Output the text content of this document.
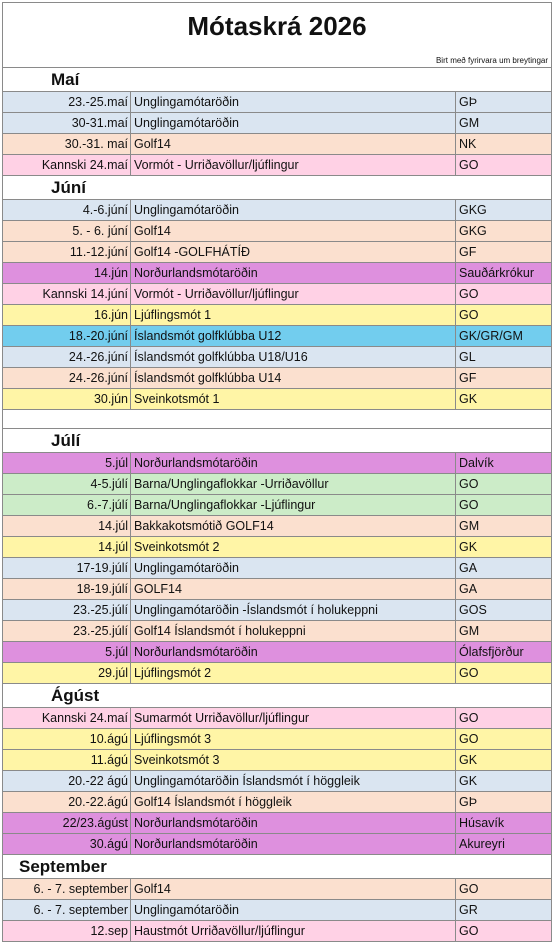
Mótaskrá 2026
Birt með fyrirvara um breytingar
Maí
23.-25.maí Unglingamótaröðin	GÞ
30-31.maí Unglingamótaröðin	GM
30.-31. maí Golf14	NK
Kannski 24.maí Vormót - Urriðavöllur/ljúflingur	GO
Júní
4.-6.júní Unglingamótaröðin	GKG
5. - 6. júní Golf14	GKG
11.-12.júní Golf14 -GOLFHÁTÍÐ	GF
14.jún Norðurlandsmótaröðin	Sauðárkrókur
Kannski 14.júní Vormót - Urriðavöllur/ljúflingur	GO
16.jún Ljúflingsmót 1	GO
18.-20.júní Íslandsmót golfklúbba U12	GK/GR/GM
24.-26.júní Íslandsmót golfklúbba U18/U16	GL
24.-26.júní Íslandsmót golfklúbba U14	GF
30.jún Sveinkotsmót 1	GK
Júlí
5.júl Norðurlandsmótaröðin	Dalvík
4-5.júlí Barna/Unglingaflokkar -Urriðavöllur	GO
6.-7.júlí Barna/Unglingaflokkar -Ljúflingur	GO
14.júl Bakkakotsmótið GOLF14	GM
14.júl Sveinkotsmót 2	GK
17-19.júlí Unglingamótaröðin	GA
18-19.júlí GOLF14	GA
23.-25.júlí Unglingamótaröðin -Íslandsmót í holukeppni	GOS
23.-25.júlí Golf14 Íslandsmót í holukeppni	GM
5.júl Norðurlandsmótaröðin	Ólafsfjörður
29.júl Ljúflingsmót 2	GO
Ágúst
Kannski 24.maí Sumarmót Urriðavöllur/ljúflingur	GO
10.ágú Ljúflingsmót 3	GO
11.ágú Sveinkotsmót 3	GK
20.-22 ágú Unglingamótaröðin Íslandsmót í höggleik	GK
20.-22.ágú Golf14 Íslandsmót í höggleik	GÞ
22/23.ágúst Norðurlandsmótaröðin	Húsavík
30.ágú Norðurlandsmótaröðin	Akureyri
September
6. - 7. september Golf14	GO
6. - 7. september Unglingamótaröðin	GR
12.sep Haustmót Urriðavöllur/ljúflingur	GO
